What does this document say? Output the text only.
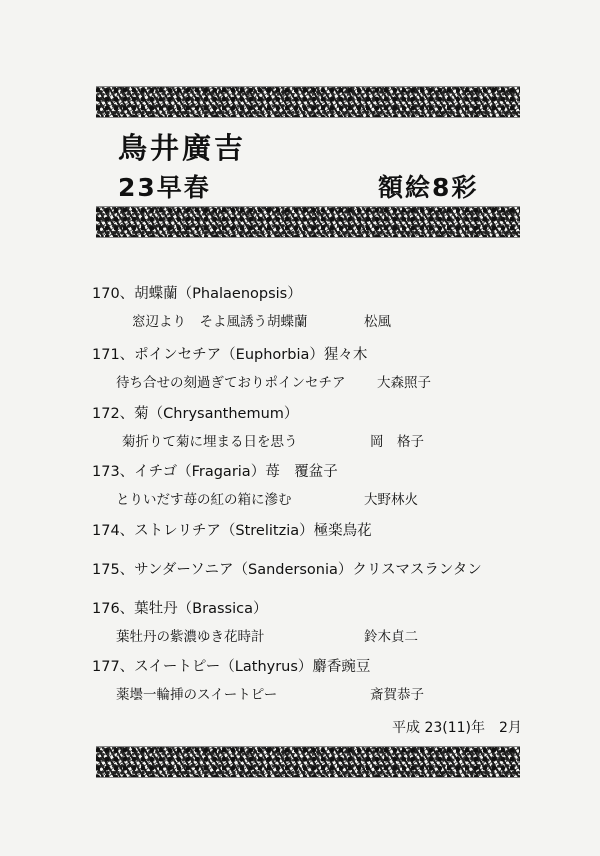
鳥井廣吉
23早春	額絵8彩
170、胡蝶蘭（Phalaenopsis）
窓辺より　そよ風誘う胡蝶蘭	松風
171、ポインセチア（Euphorbia）猩々木
待ち合せの刻過ぎておりポインセチア 大森照子
172、菊（Chrysanthemum）
菊折りて菊に埋まる日を思う	岡　格子
173、イチゴ（Fragaria）苺　覆盆子
とりいだす苺の紅の箱に滲む	大野林火
174、ストレリチア（Strelitzia）極楽鳥花
175、サンダーソニア（Sandersonia）クリスマスランタン
176、葉牡丹（Brassica）
葉牡丹の紫濃ゆき花時計	鈴木貞二
177、スイートピー（Lathyrus）麝香豌豆
薬壜一輪挿のスイートピー	斎賀恭子
平成 23(11)年　2月
